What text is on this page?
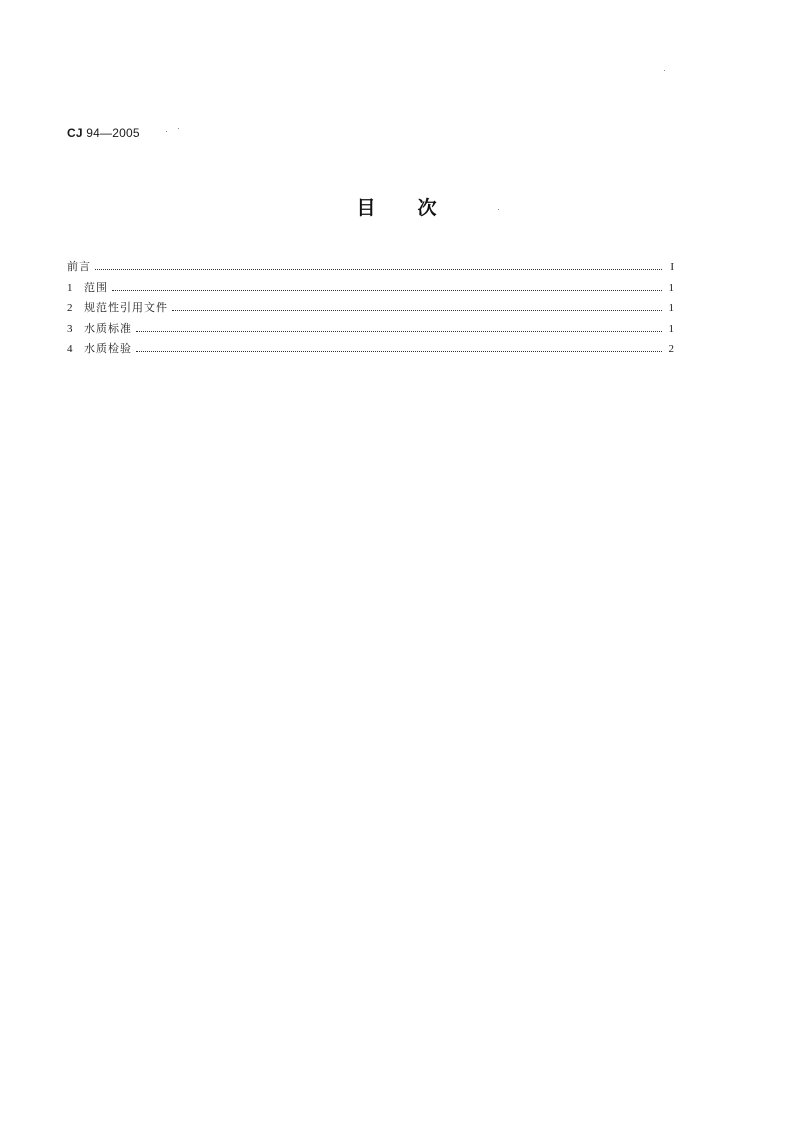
CJ 94—2005
目次
前言	I
1	范围	1
2	规范性引用文件	1
3	水质标准	1
4	水质检验	2
